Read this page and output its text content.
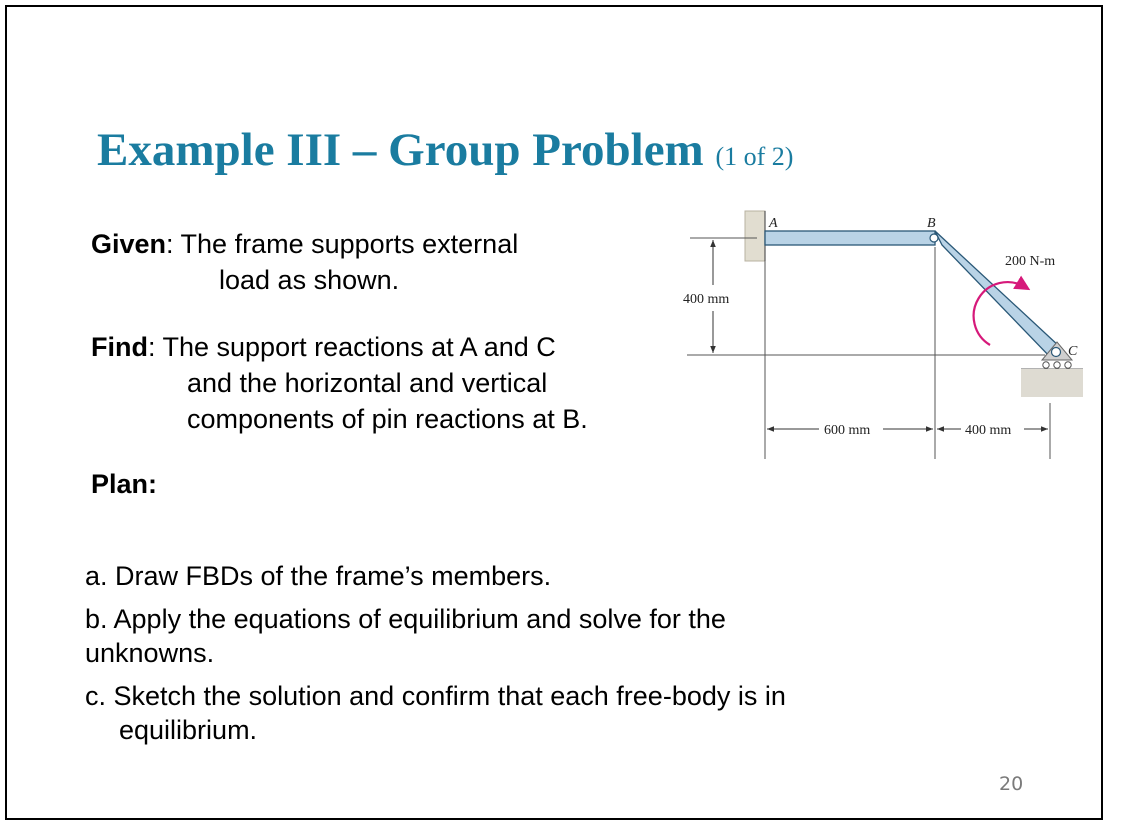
Example III – Group Problem (1 of 2)
Given: The frame supports external
load as shown.
Find: The support reactions at A and C
and the horizontal and vertical
components of pin reactions at B.
Plan:
a. Draw FBDs of the frame’s members.
b. Apply the equations of equilibrium and solve for the
unknowns.
c. Sketch the solution and confirm that each free-body is in
equilibrium.
20
400 mm
600 mm	400 mm
A	B
C
200 N-m
